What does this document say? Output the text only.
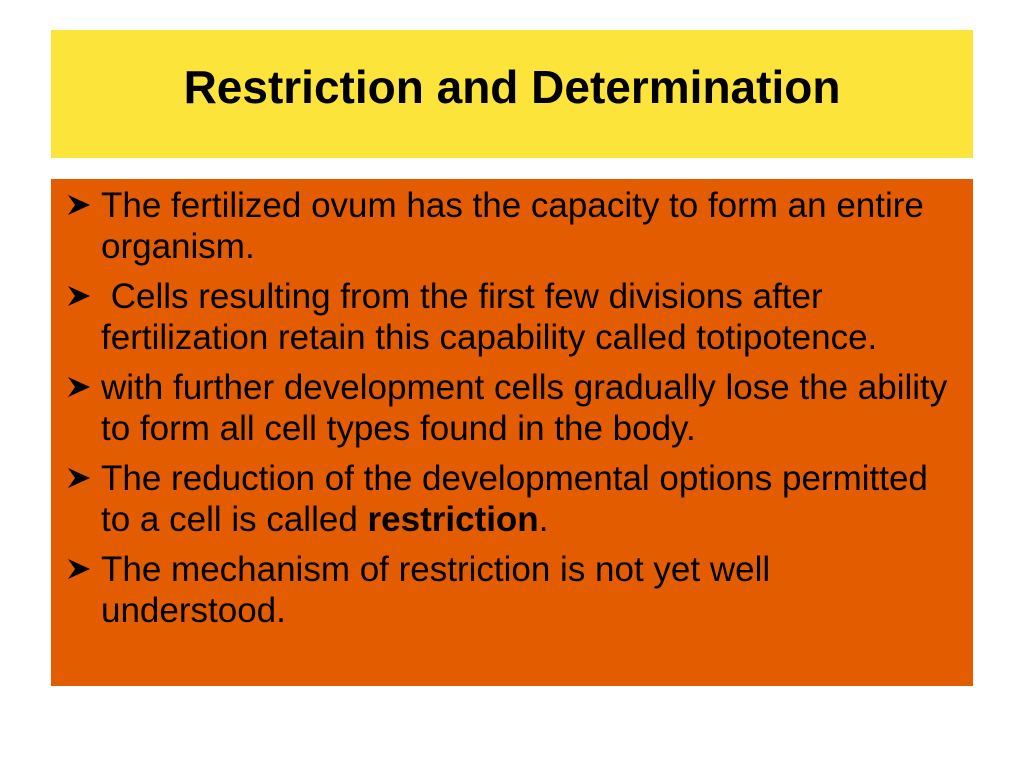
Restriction and Determination
The fertilized ovum has the capacity to form an entire organism.
Cells resulting from the first few divisions after fertilization retain this capability called totipotence.
with further development cells gradually lose the ability to form all cell types found in the body.
The reduction of the developmental options permitted to a cell is called restriction.
The mechanism of restriction is not yet well understood.
